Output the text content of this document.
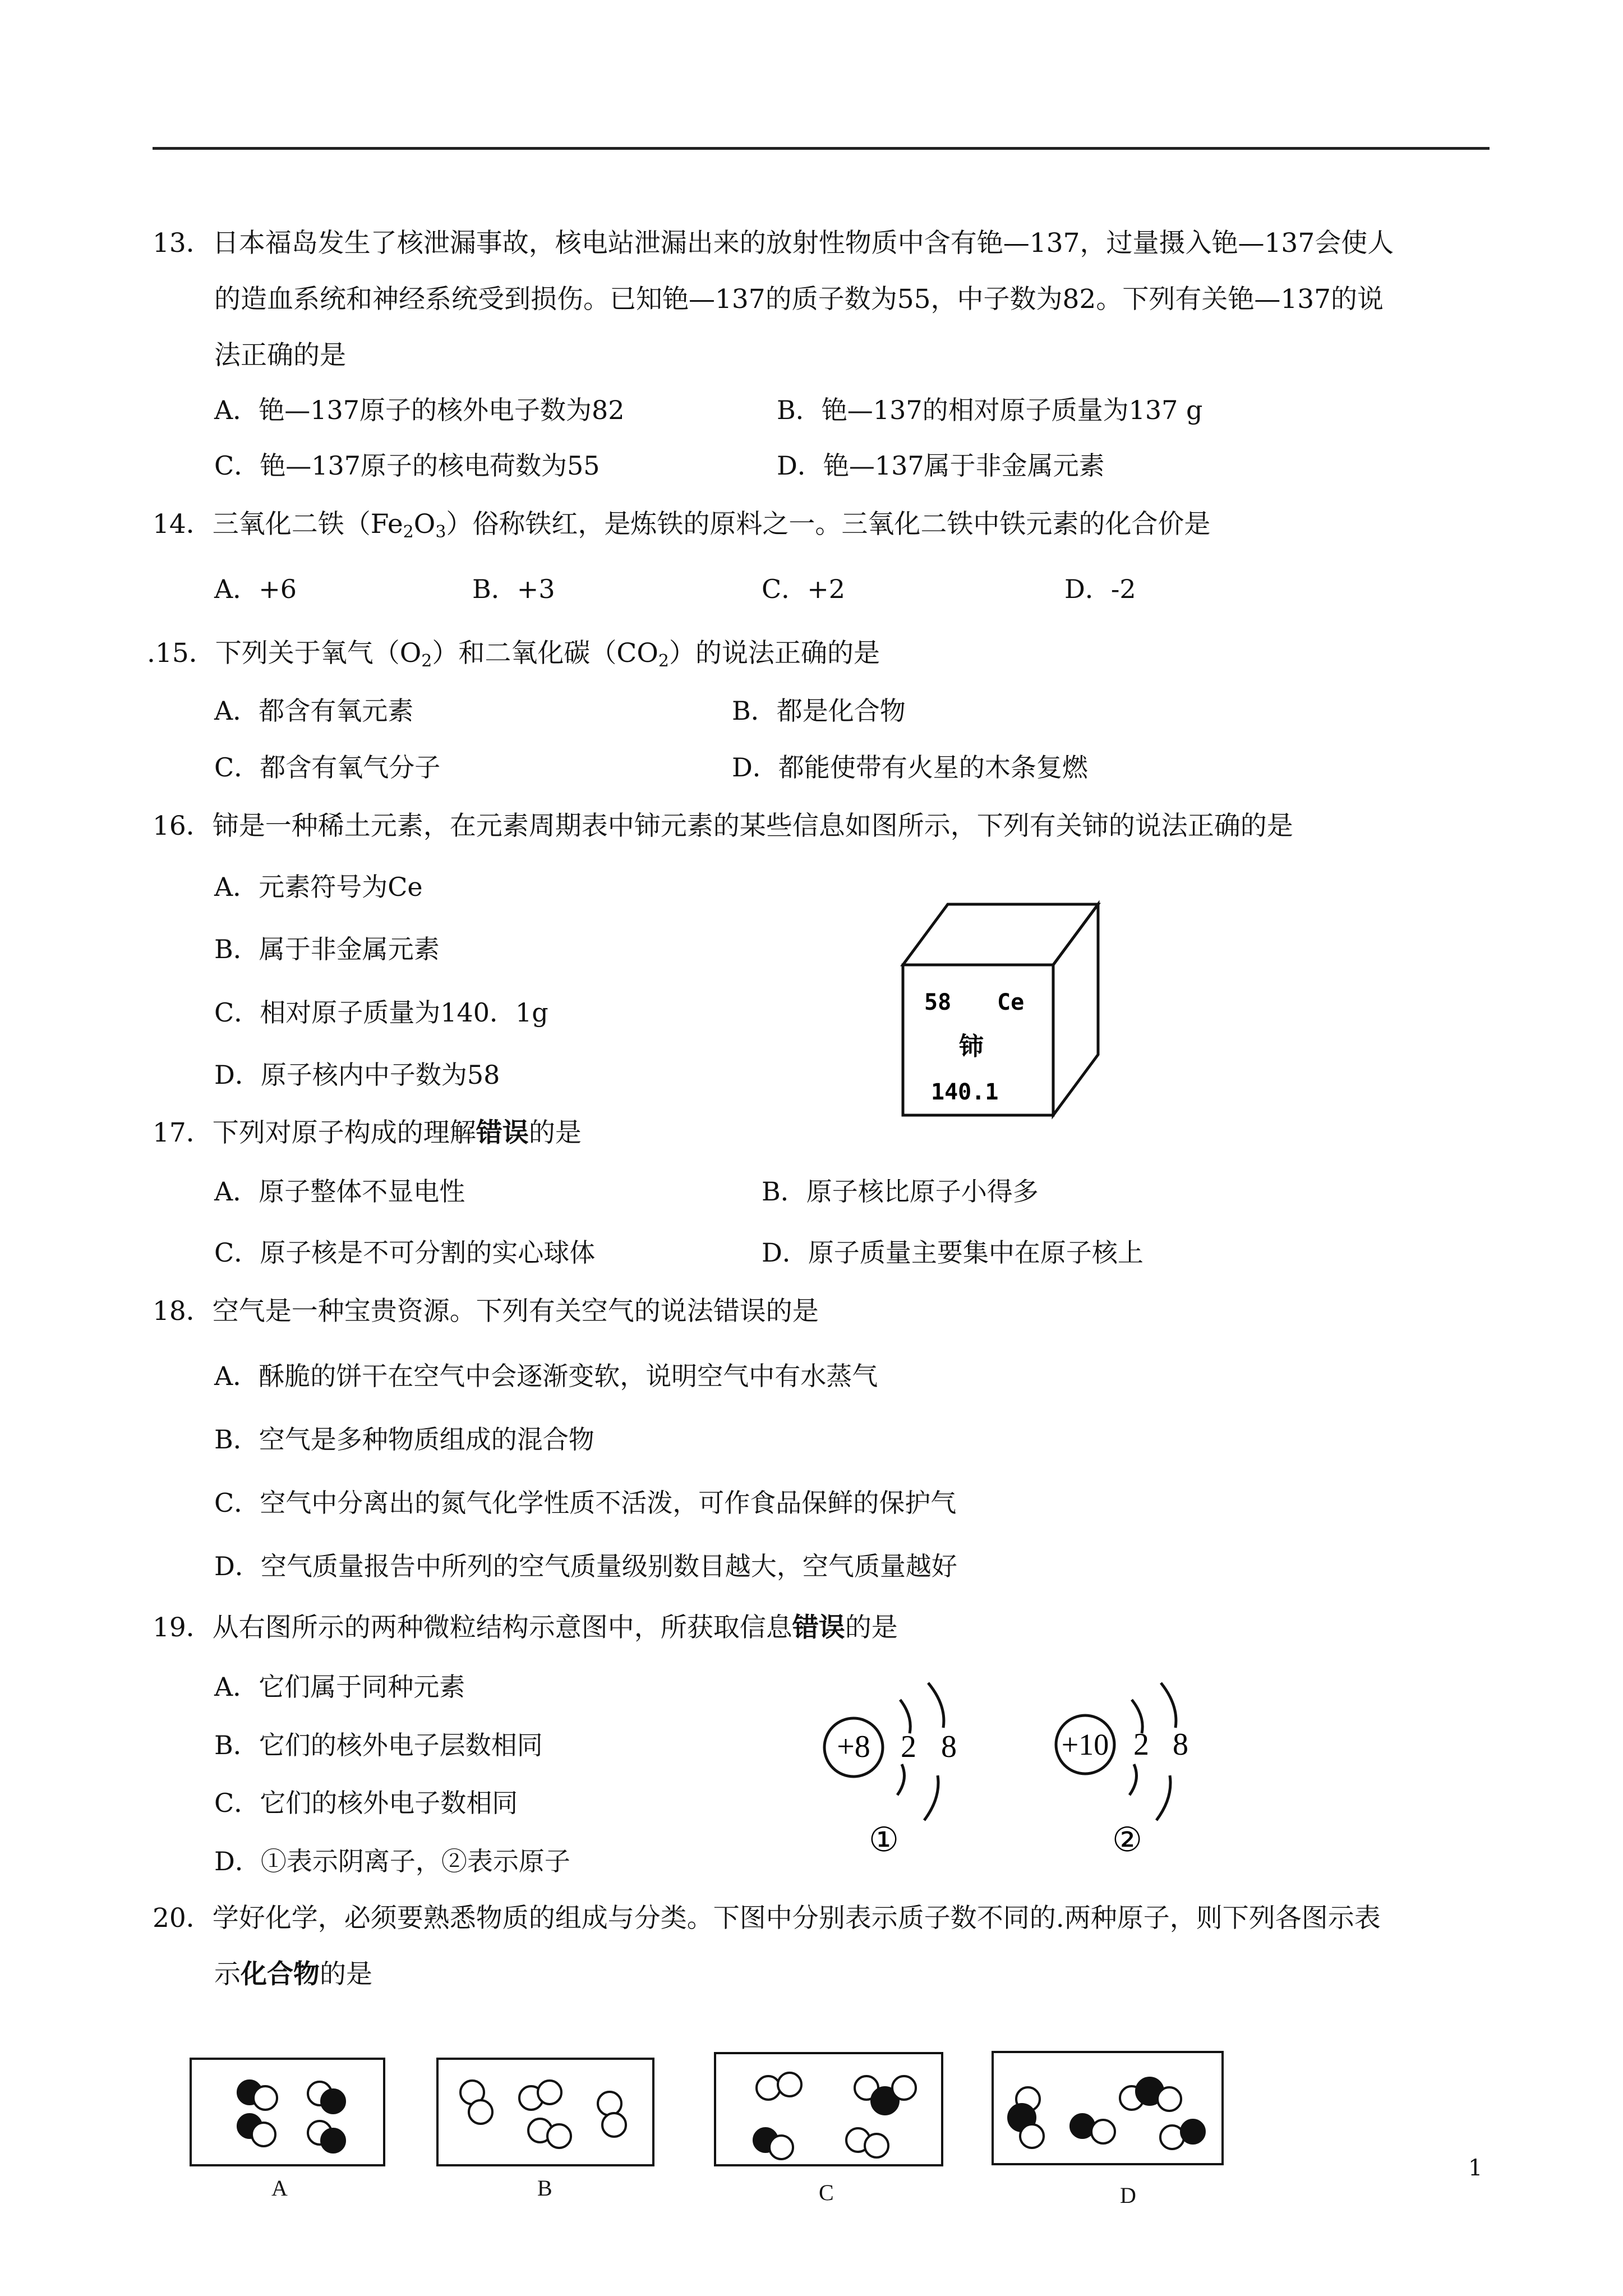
13．日本福岛发生了核泄漏事故，核电站泄漏出来的放射性物质中含有铯—137，过量摄入铯—137会使人
的造血系统和神经系统受到损伤。已知铯—137的质子数为55，中子数为82。下列有关铯—137的说
法正确的是
A．铯—137原子的核外电子数为82	B．铯—137的相对原子质量为137 g
C．铯—137原子的核电荷数为55	D．铯—137属于非金属元素
14．三氧化二铁$(Fe_2O_3)$俗称铁红，是炼铁的原料之一。三氧化二铁中铁元素的化合价是
A．+6	B．+3	C．+2	D．-2
.15．下列关于氧气$(O_2)$和二氧化碳$(CO_2)$的说法正确的是
A．都含有氧元素	B．都是化合物
C．都含有氧气分子	D．都能使带有火星的木条复燃
16．铈是一种稀土元素，在元素周期表中铈元素的某些信息如图所示，下列有关铈的说法正确的是
A．元素符号为Ce
B．属于非金属元素
C．相对原子质量为140．1g
D．原子核内中子数为58
58 Ce
铈
140.1
17．下列对原子构成的理解错误的是
A．原子整体不显电性	B．原子核比原子小得多
C．原子核是不可分割的实心球体	D．原子质量主要集中在原子核上
18．空气是一种宝贵资源。下列有关空气的说法错误的是
A．酥脆的饼干在空气中会逐渐变软，说明空气中有水蒸气
B．空气是多种物质组成的混合物
C．空气中分离出的氮气化学性质不活泼，可作食品保鲜的保护气
D．空气质量报告中所列的空气质量级别数目越大，空气质量越好
19．从右图所示的两种微粒结构示意图中，所获取信息错误的是
A．它们属于同种元素
B．它们的核外电子层数相同
C．它们的核外电子数相同
D．①表示阴离子，②表示原子
+8 2 8
①
+10 2 8
②
20．学好化学，必须要熟悉物质的组成与分类。下图中分别表示质子数不同的.两种原子，则下列各图示表
示化合物的是
A	B	C	D
1
